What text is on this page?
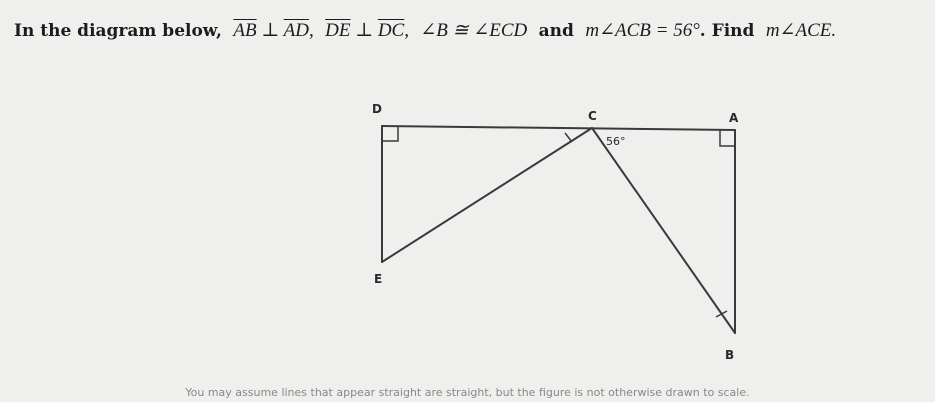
In the diagram below, $\overline{AB}$ ⊥ $\overline{AD}$, $\overline{DE}$ ⊥ $\overline{DC}$, ∠B ≅ ∠ECD and m∠ACB = 56°. Find m∠ACE.
D	C	A
E
B
56°
You may assume lines that appear straight are straight, but the figure is not otherwise drawn to scale.
